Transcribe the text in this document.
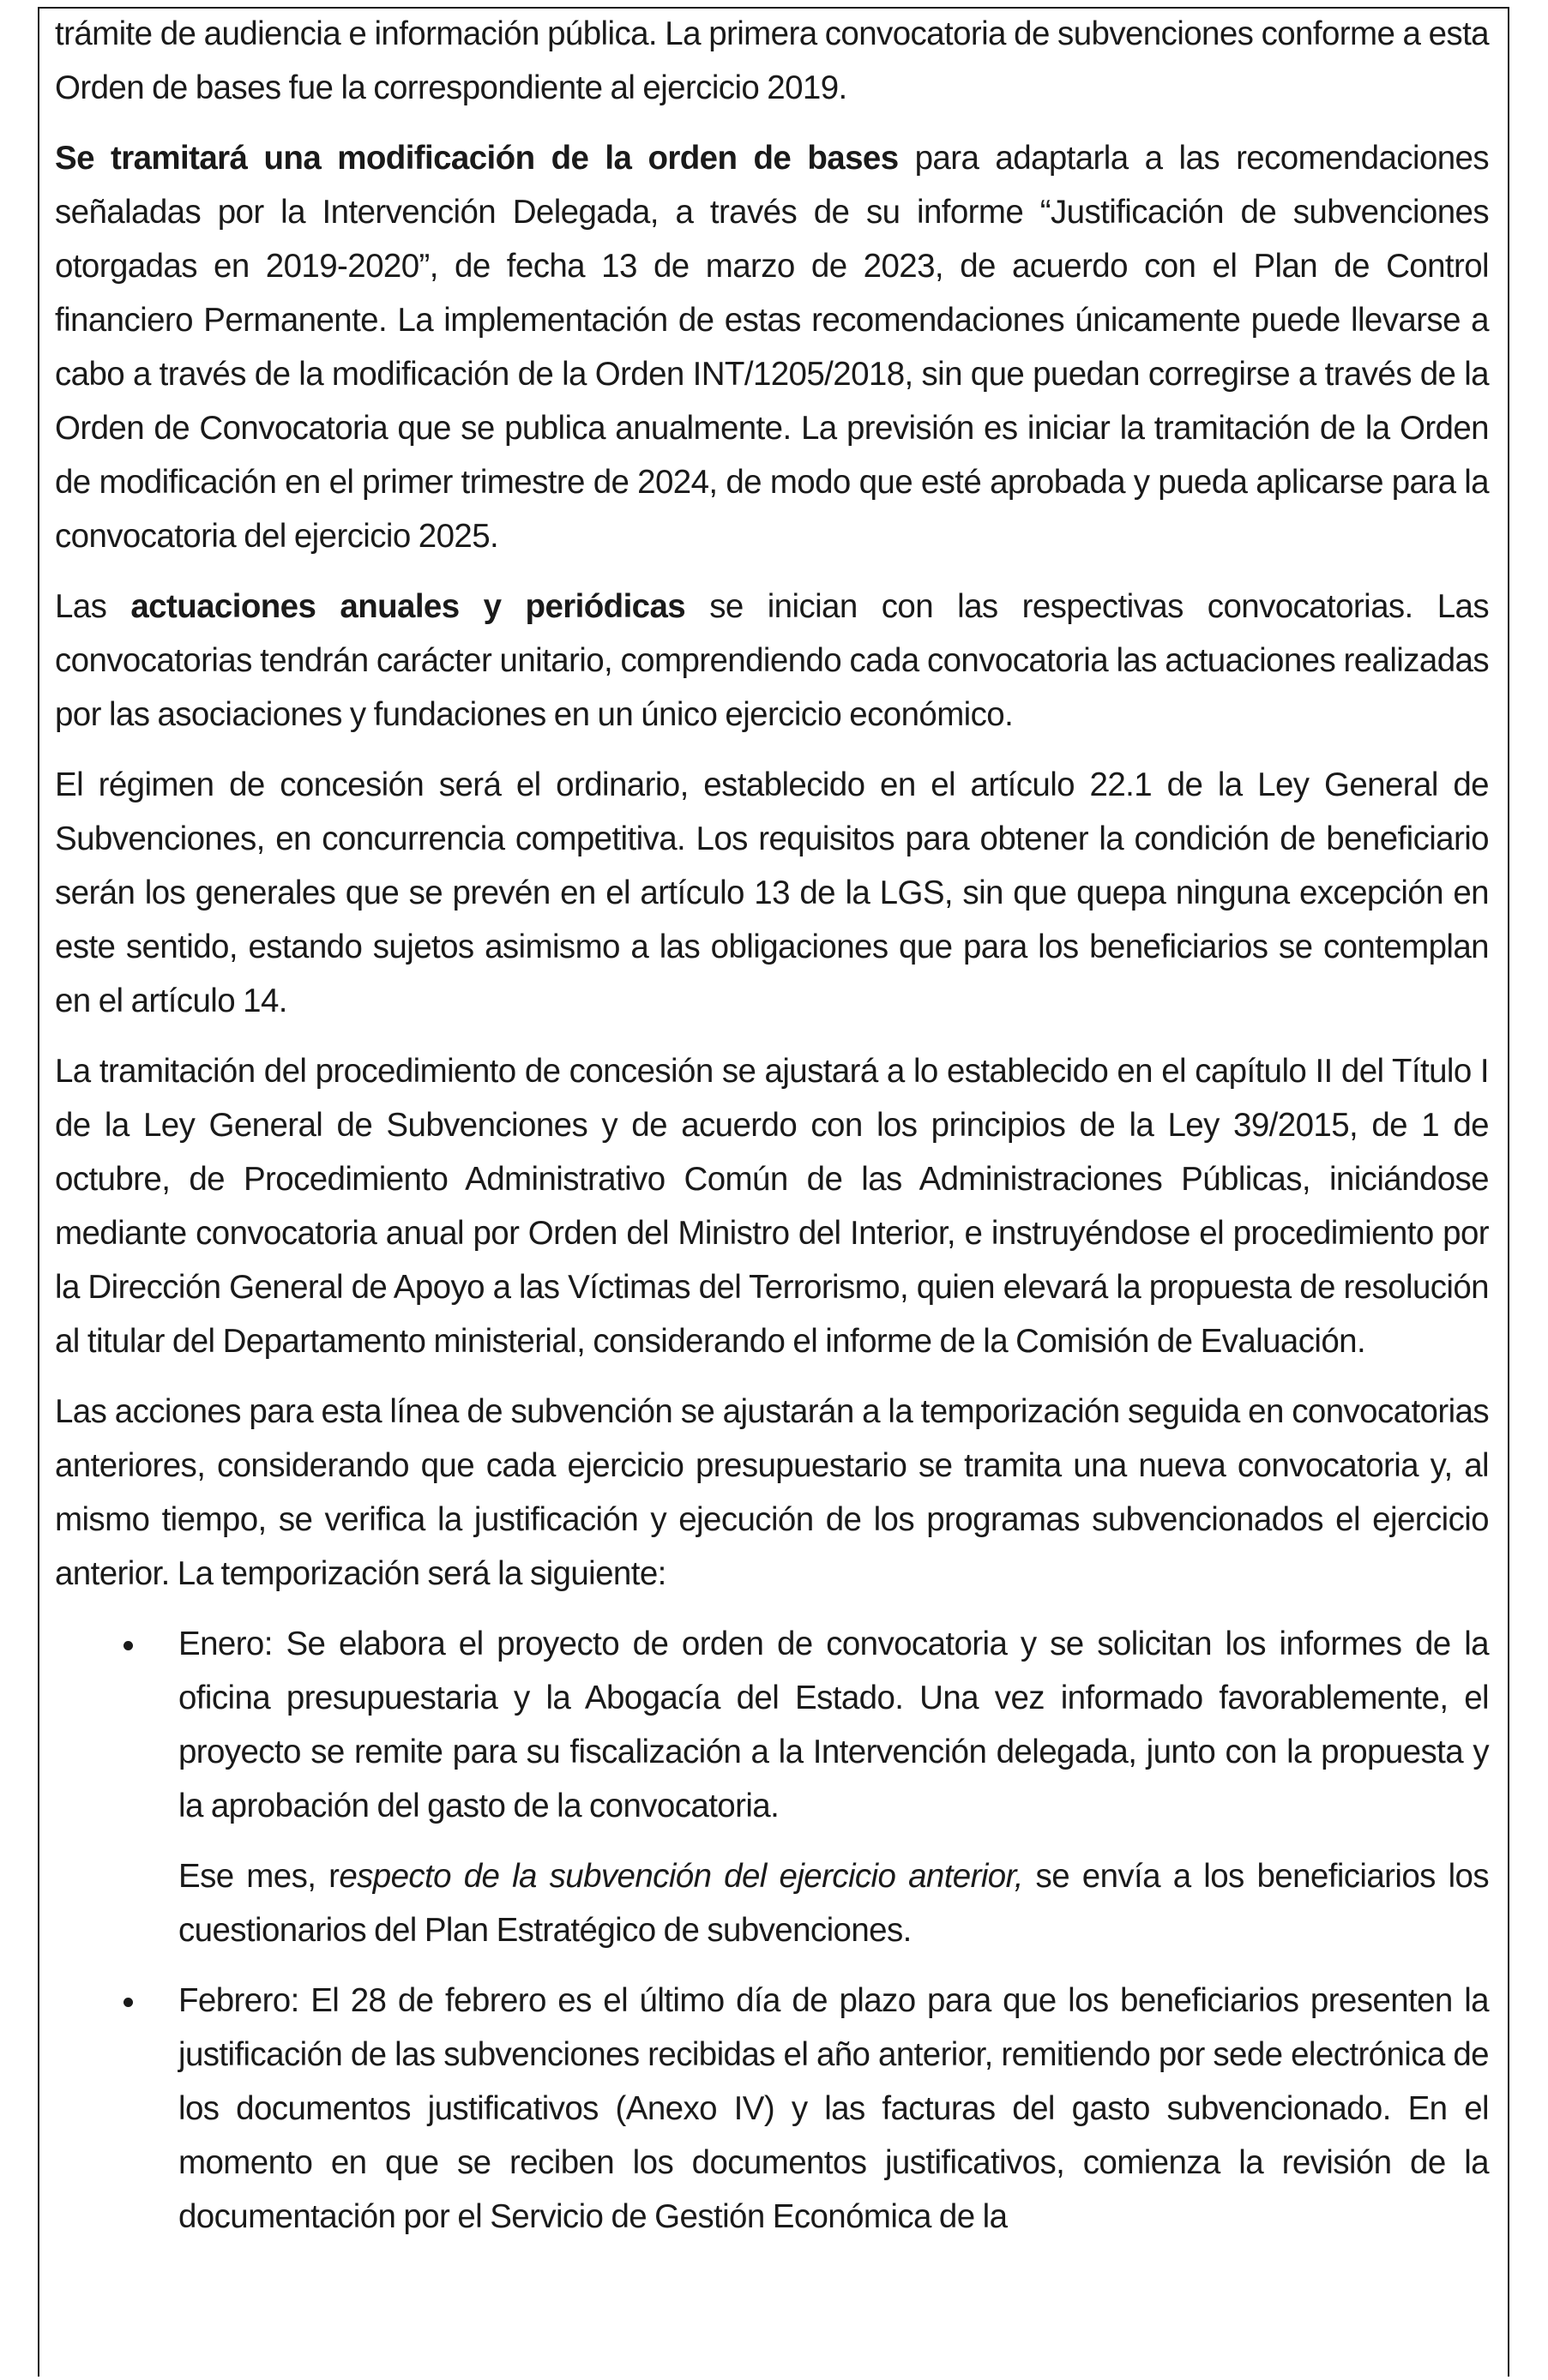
trámite de audiencia e información pública. La primera convocatoria de subvenciones conforme a esta Orden de bases fue la correspondiente al ejercicio 2019.

Se tramitará una modificación de la orden de bases para adaptarla a las recomendaciones señaladas por la Intervención Delegada, a través de su informe “Justificación de subvenciones otorgadas en 2019-2020”, de fecha 13 de marzo de 2023, de acuerdo con el Plan de Control financiero Permanente. La implementación de estas recomendaciones únicamente puede llevarse a cabo a través de la modificación de la Orden INT/1205/2018, sin que puedan corregirse a través de la Orden de Convocatoria que se publica anualmente. La previsión es iniciar la tramitación de la Orden de modificación en el primer trimestre de 2024, de modo que esté aprobada y pueda aplicarse para la convocatoria del ejercicio 2025.

Las actuaciones anuales y periódicas se inician con las respectivas convocatorias. Las convocatorias tendrán carácter unitario, comprendiendo cada convocatoria las actuaciones realizadas por las asociaciones y fundaciones en un único ejercicio económico.

El régimen de concesión será el ordinario, establecido en el artículo 22.1 de la Ley General de Subvenciones, en concurrencia competitiva. Los requisitos para obtener la condición de beneficiario serán los generales que se prevén en el artículo 13 de la LGS, sin que quepa ninguna excepción en este sentido, estando sujetos asimismo a las obligaciones que para los beneficiarios se contemplan en el artículo 14.

La tramitación del procedimiento de concesión se ajustará a lo establecido en el capítulo II del Título I de la Ley General de Subvenciones y de acuerdo con los principios de la Ley 39/2015, de 1 de octubre, de Procedimiento Administrativo Común de las Administraciones Públicas, iniciándose mediante convocatoria anual por Orden del Ministro del Interior, e instruyéndose el procedimiento por la Dirección General de Apoyo a las Víctimas del Terrorismo, quien elevará la propuesta de resolución al titular del Departamento ministerial, considerando el informe de la Comisión de Evaluación.

Las acciones para esta línea de subvención se ajustarán a la temporización seguida en convocatorias anteriores, considerando que cada ejercicio presupuestario se tramita una nueva convocatoria y, al mismo tiempo, se verifica la justificación y ejecución de los programas subvencionados el ejercicio anterior. La temporización será la siguiente:

Enero: Se elabora el proyecto de orden de convocatoria y se solicitan los informes de la oficina presupuestaria y la Abogacía del Estado. Una vez informado favorablemente, el proyecto se remite para su fiscalización a la Intervención delegada, junto con la propuesta y la aprobación del gasto de la convocatoria.

Ese mes, respecto de la subvención del ejercicio anterior, se envía a los beneficiarios los cuestionarios del Plan Estratégico de subvenciones.

Febrero: El 28 de febrero es el último día de plazo para que los beneficiarios presenten la justificación de las subvenciones recibidas el año anterior, remitiendo por sede electrónica de los documentos justificativos (Anexo IV) y las facturas del gasto subvencionado. En el momento en que se reciben los documentos justificativos, comienza la revisión de la documentación por el Servicio de Gestión Económica de la
